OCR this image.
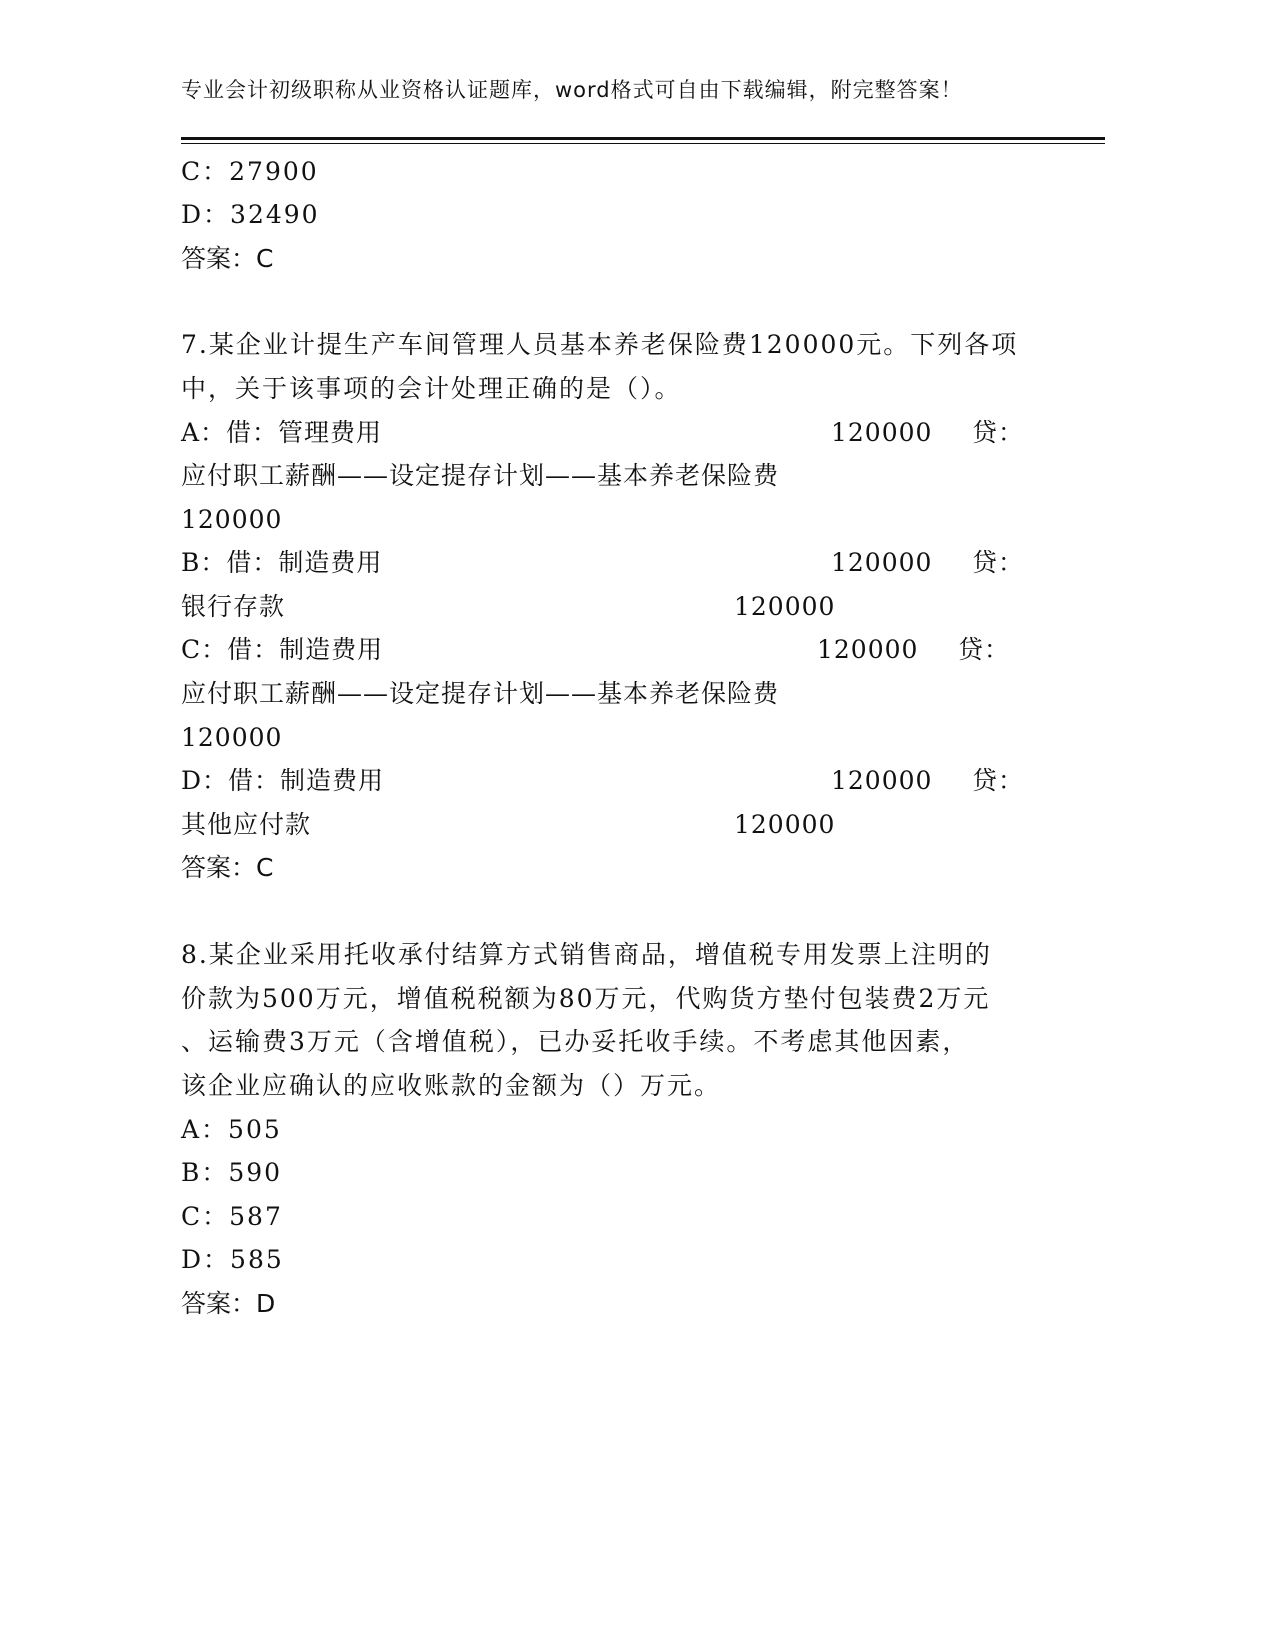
专业会计初级职称从业资格认证题库，word格式可自由下载编辑，附完整答案！
C：27900
D：32490
答案：C
7.某企业计提生产车间管理人员基本养老保险费120000元。下列各项
中，关于该事项的会计处理正确的是（）。
A：借：管理费用	120000 贷：
应付职工薪酬——设定提存计划——基本养老保险费
120000
B：借：制造费用	120000 贷：
银行存款	120000
C：借：制造费用	120000 贷：
应付职工薪酬——设定提存计划——基本养老保险费
120000
D：借：制造费用	120000 贷：
其他应付款	120000
答案：C
8.某企业采用托收承付结算方式销售商品，增值税专用发票上注明的
价款为500万元，增值税税额为80万元，代购货方垫付包装费2万元
、运输费3万元（含增值税），已办妥托收手续。不考虑其他因素，
该企业应确认的应收账款的金额为（）万元。
A：505
B：590
C：587
D：585
答案：D
